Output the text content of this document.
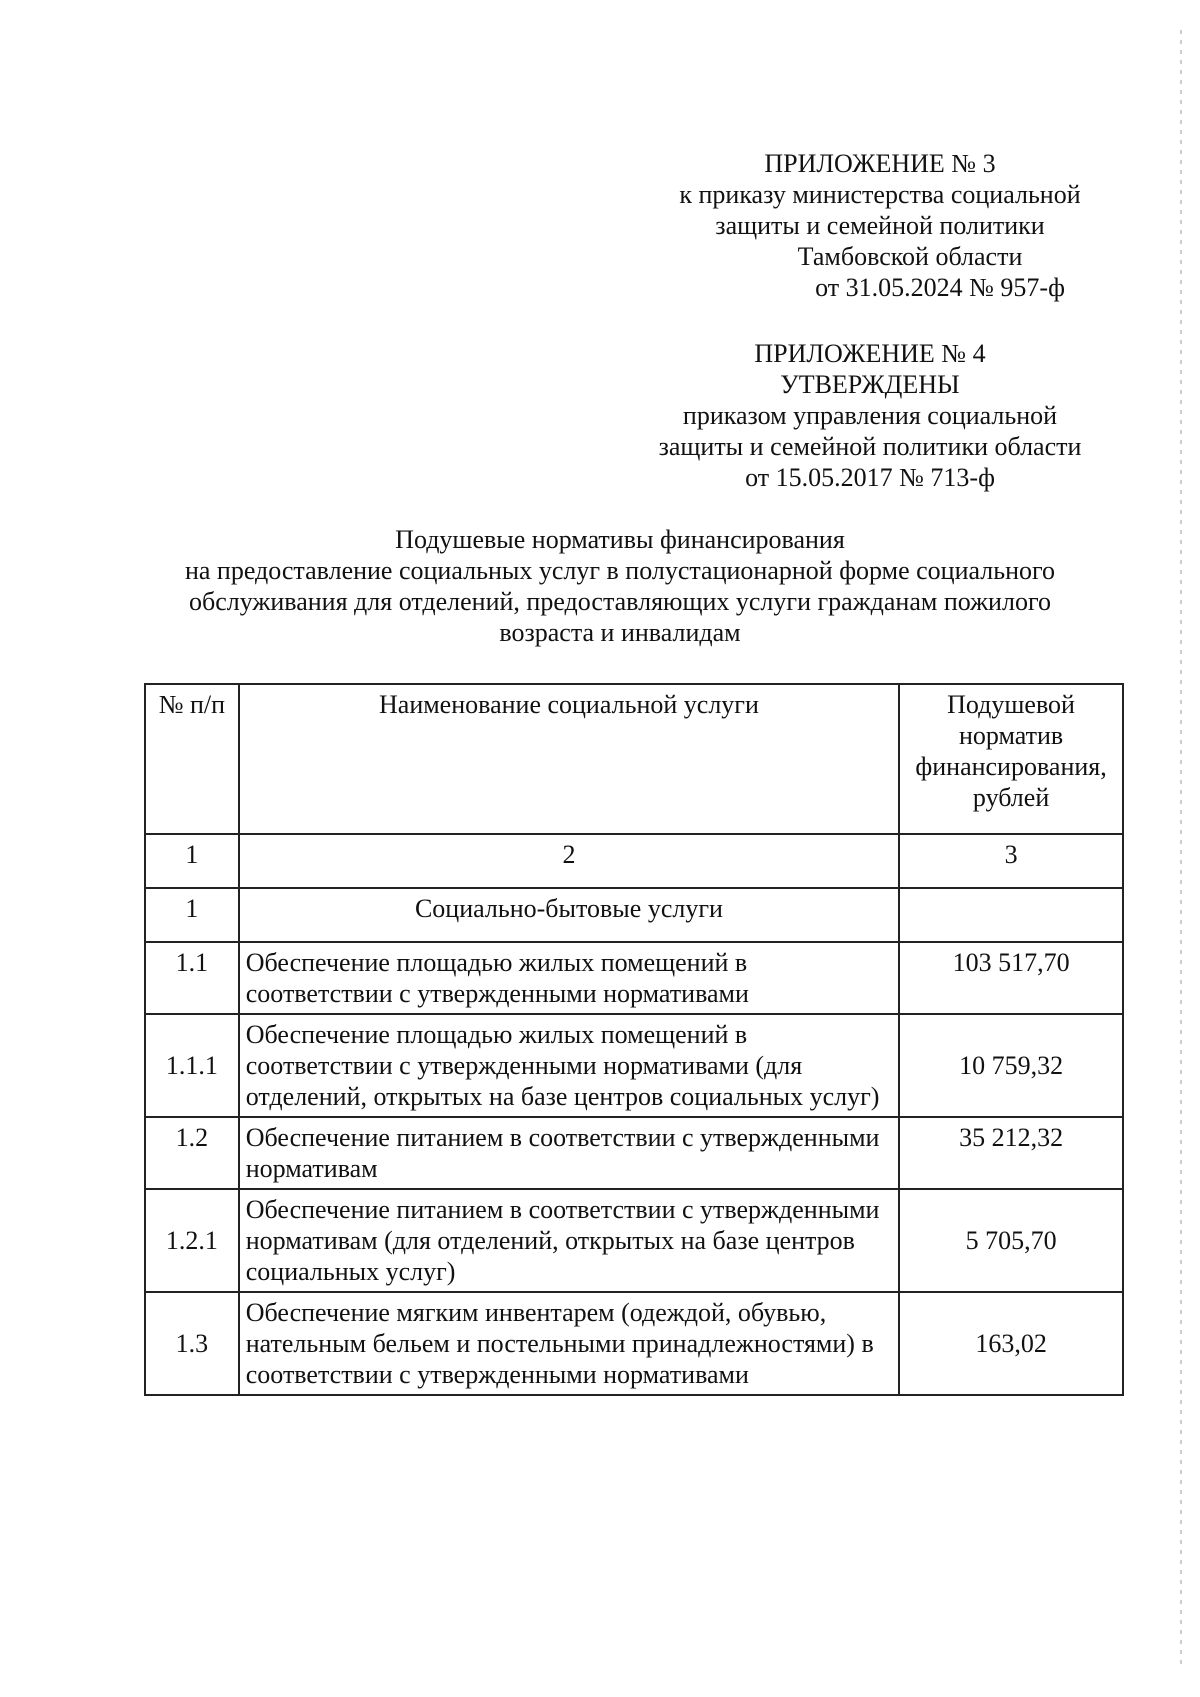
ПРИЛОЖЕНИЕ № 3
к приказу министерства социальной
защиты и семейной политики
Тамбовской области
от 31.05.2024 № 957-ф
ПРИЛОЖЕНИЕ № 4
УТВЕРЖДЕНЫ
приказом управления социальной
защиты и семейной политики области
от 15.05.2017 № 713-ф
Подушевые нормативы финансирования
на предоставление социальных услуг в полустационарной форме социального
обслуживания для отделений, предоставляющих услуги гражданам пожилого
возраста и инвалидам
№ п/п	Наименование социальной услуги	Подушевой норматив финансирования, рублей
1	2	3
1	Социально-бытовые услуги	
1.1	Обеспечение площадью жилых помещений в соответствии с утвержденными нормативами	103 517,70
1.1.1	Обеспечение площадью жилых помещений в соответствии с утвержденными нормативами (для отделений, открытых на базе центров социальных услуг)	10 759,32
1.2	Обеспечение питанием в соответствии с утвержденными нормативам	35 212,32
1.2.1	Обеспечение питанием в соответствии с утвержденными нормативам (для отделений, открытых на базе центров социальных услуг)	5 705,70
1.3	Обеспечение мягким инвентарем (одеждой, обувью, нательным бельем и постельными принадлежностями) в соответствии с утвержденными нормативами	163,02
